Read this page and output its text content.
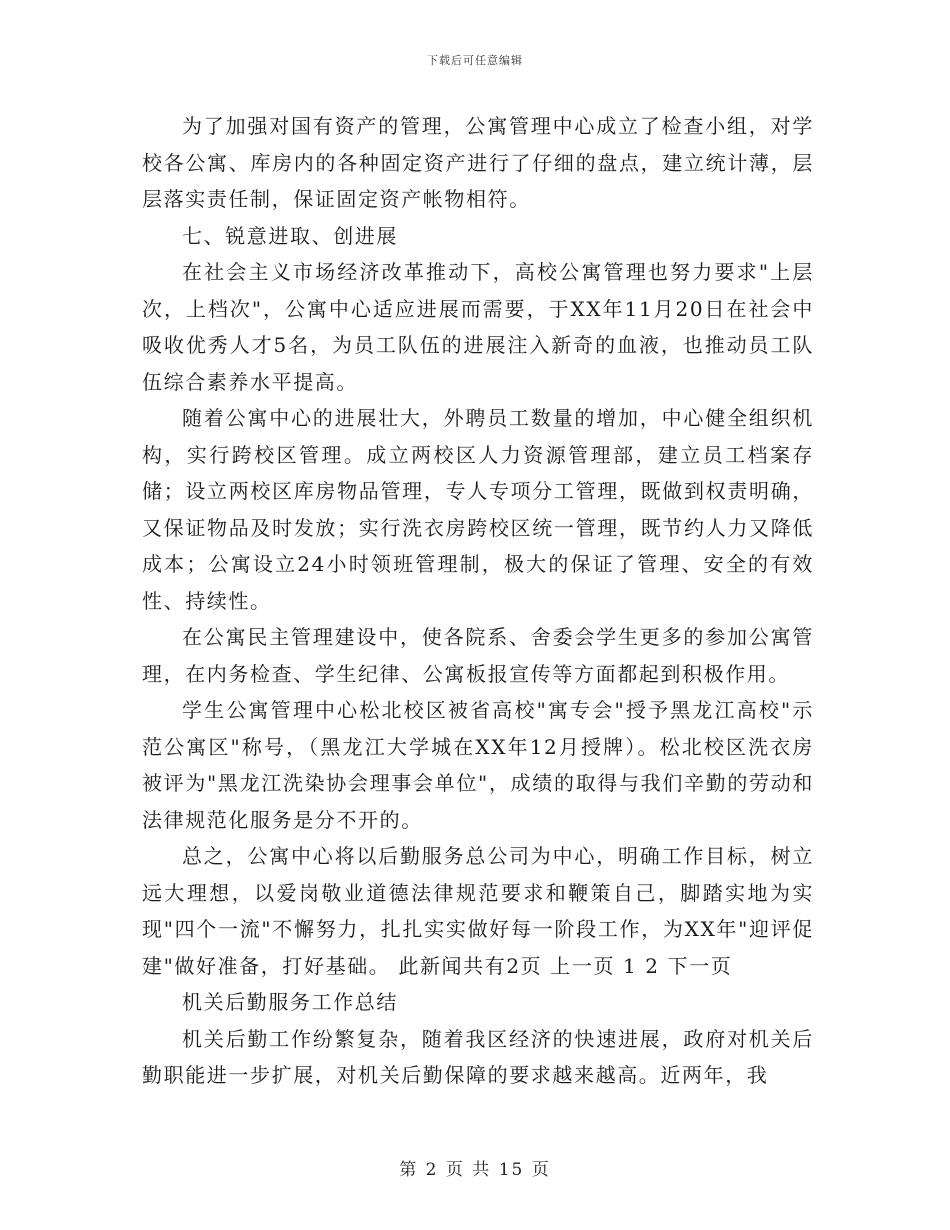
下载后可任意编辑

为了加强对国有资产的管理，公寓管理中心成立了检查小组，对学校各公寓、库房内的各种固定资产进行了仔细的盘点，建立统计薄，层层落实责任制，保证固定资产帐物相符。

七、锐意进取、创进展

在社会主义市场经济改革推动下，高校公寓管理也努力要求"上层次，上档次"，公寓中心适应进展而需要，于XX年11月20日在社会中吸收优秀人才5名，为员工队伍的进展注入新奇的血液，也推动员工队伍综合素养水平提高。

随着公寓中心的进展壮大，外聘员工数量的增加，中心健全组织机构，实行跨校区管理。成立两校区人力资源管理部，建立员工档案存储；设立两校区库房物品管理，专人专项分工管理，既做到权责明确，又保证物品及时发放；实行洗衣房跨校区统一管理，既节约人力又降低成本；公寓设立24小时领班管理制，极大的保证了管理、安全的有效性、持续性。

在公寓民主管理建设中，使各院系、舍委会学生更多的参加公寓管理，在内务检查、学生纪律、公寓板报宣传等方面都起到积极作用。

学生公寓管理中心松北校区被省高校"寓专会"授予黑龙江高校"示范公寓区"称号，（黑龙江大学城在XX年12月授牌）。松北校区洗衣房被评为"黑龙江洗染协会理事会单位"，成绩的取得与我们辛勤的劳动和法律规范化服务是分不开的。

总之，公寓中心将以后勤服务总公司为中心，明确工作目标，树立远大理想，以爱岗敬业道德法律规范要求和鞭策自己，脚踏实地为实现"四个一流"不懈努力，扎扎实实做好每一阶段工作，为XX年"迎评促建"做好准备，打好基础。 此新闻共有2页 上一页 1 2 下一页

机关后勤服务工作总结

机关后勤工作纷繁复杂，随着我区经济的快速进展，政府对机关后勤职能进一步扩展，对机关后勤保障的要求越来越高。近两年，我

第 2 页 共 15 页
